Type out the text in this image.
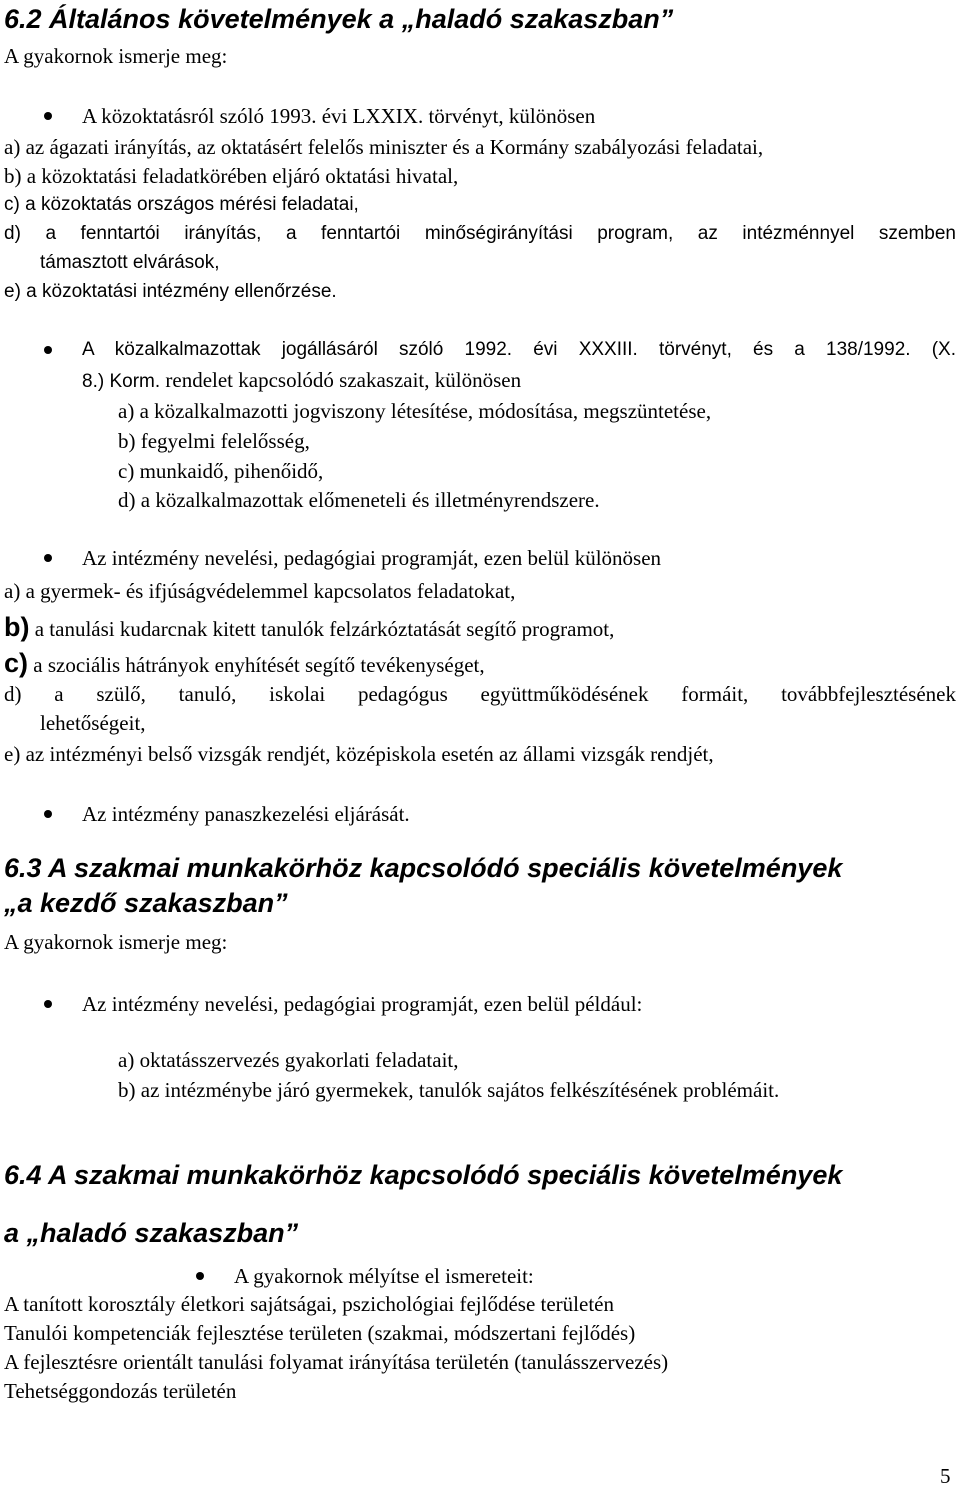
6.2 Általános követelmények a „haladó szakaszban”
A gyakornok ismerje meg:
A közoktatásról szóló 1993. évi LXXIX. törvényt, különösen
a) az ágazati irányítás, az oktatásért felelős miniszter és a Kormány szabályozási feladatai,
b) a közoktatási feladatkörében eljáró oktatási hivatal,
c) a közoktatás országos mérési feladatai,
d) a fenntartói irányítás, a fenntartói minőségirányítási program, az intézménnyel szemben
támasztott elvárások,
e) a közoktatási intézmény ellenőrzése.
A közalkalmazottak jogállásáról szóló 1992. évi XXXIII. törvényt, és a 138/1992. (X.
8.) Korm. rendelet kapcsolódó szakaszait, különösen
a) a közalkalmazotti jogviszony létesítése, módosítása, megszüntetése,
b) fegyelmi felelősség,
c) munkaidő, pihenőidő,
d) a közalkalmazottak előmeneteli és illetményrendszere.
Az intézmény nevelési, pedagógiai programját, ezen belül különösen
a) a gyermek- és ifjúságvédelemmel kapcsolatos feladatokat,
b) a tanulási kudarcnak kitett tanulók felzárkóztatását segítő programot,
c) a szociális hátrányok enyhítését segítő tevékenységet,
d) a szülő, tanuló, iskolai pedagógus együttműködésének formáit, továbbfejlesztésének
lehetőségeit,
e) az intézményi belső vizsgák rendjét, középiskola esetén az állami vizsgák rendjét,
Az intézmény panaszkezelési eljárását.
6.3 A szakmai munkakörhöz kapcsolódó speciális követelmények
„a kezdő szakaszban”
A gyakornok ismerje meg:
Az intézmény nevelési, pedagógiai programját, ezen belül például:
a) oktatásszervezés gyakorlati feladatait,
b) az intézménybe járó gyermekek, tanulók sajátos felkészítésének problémáit.
6.4 A szakmai munkakörhöz kapcsolódó speciális követelmények
a „haladó szakaszban”
A gyakornok mélyítse el ismereteit:
A tanított korosztály életkori sajátságai, pszichológiai fejlődése területén
Tanulói kompetenciák fejlesztése területen (szakmai, módszertani fejlődés)
A fejlesztésre orientált tanulási folyamat irányítása területén (tanulásszervezés)
Tehetséggondozás területén
5
